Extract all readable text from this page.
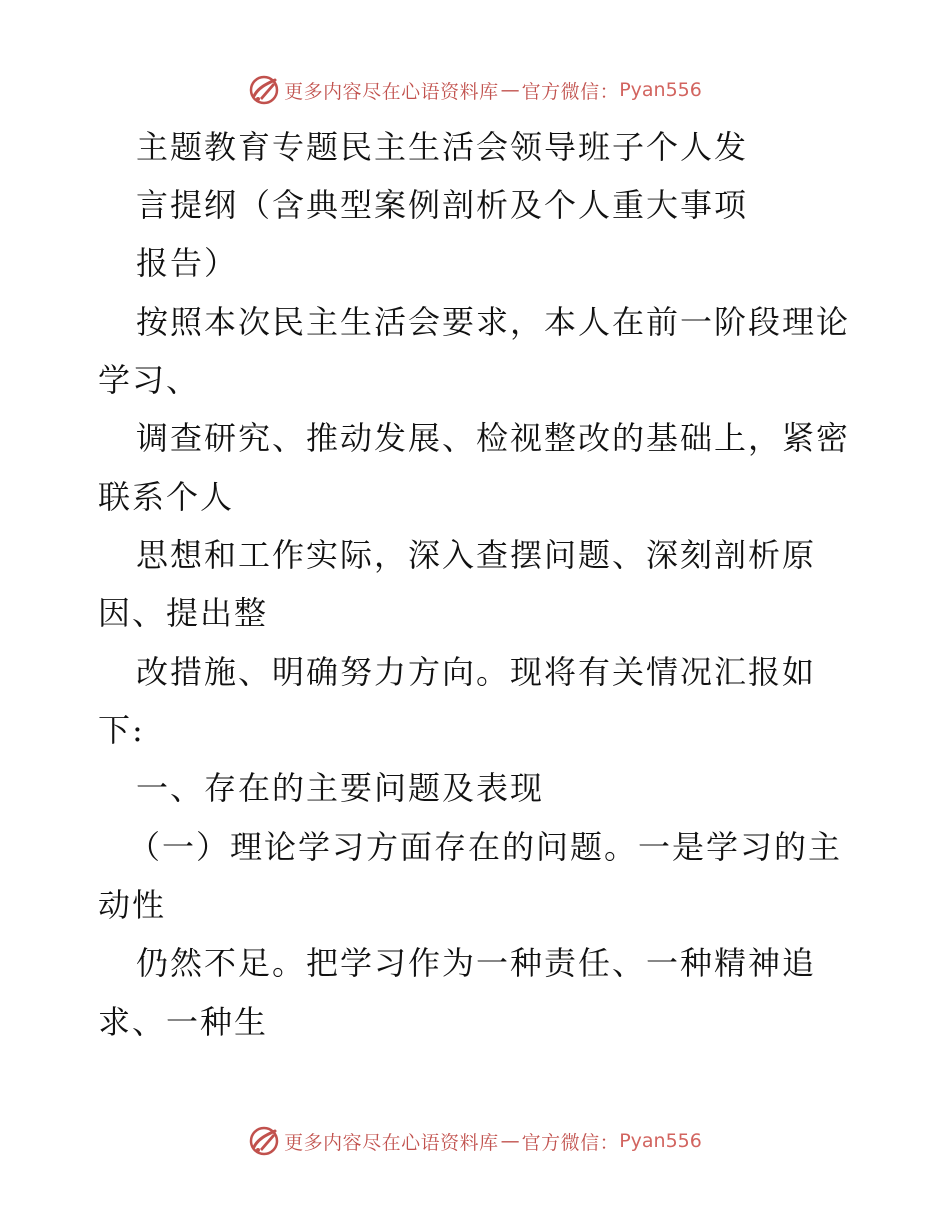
更多内容尽在心语资料库 — 官方微信： Pyan556
主题教育专题民主生活会领导班子个人发
言提纲（含典型案例剖析及个人重大事项
报告）
按照本次民主生活会要求，本人在前一阶段理论
学习、
调查研究、推动发展、检视整改的基础上，紧密
联系个人
思想和工作实际，深入查摆问题、深刻剖析原
因、提出整
改措施、明确努力方向。现将有关情况汇报如
下:
一、存在的主要问题及表现
（一）理论学习方面存在的问题。一是学习的主
动性
仍然不足。把学习作为一种责任、一种精神追
求、一种生
更多内容尽在心语资料库 — 官方微信： Pyan556
